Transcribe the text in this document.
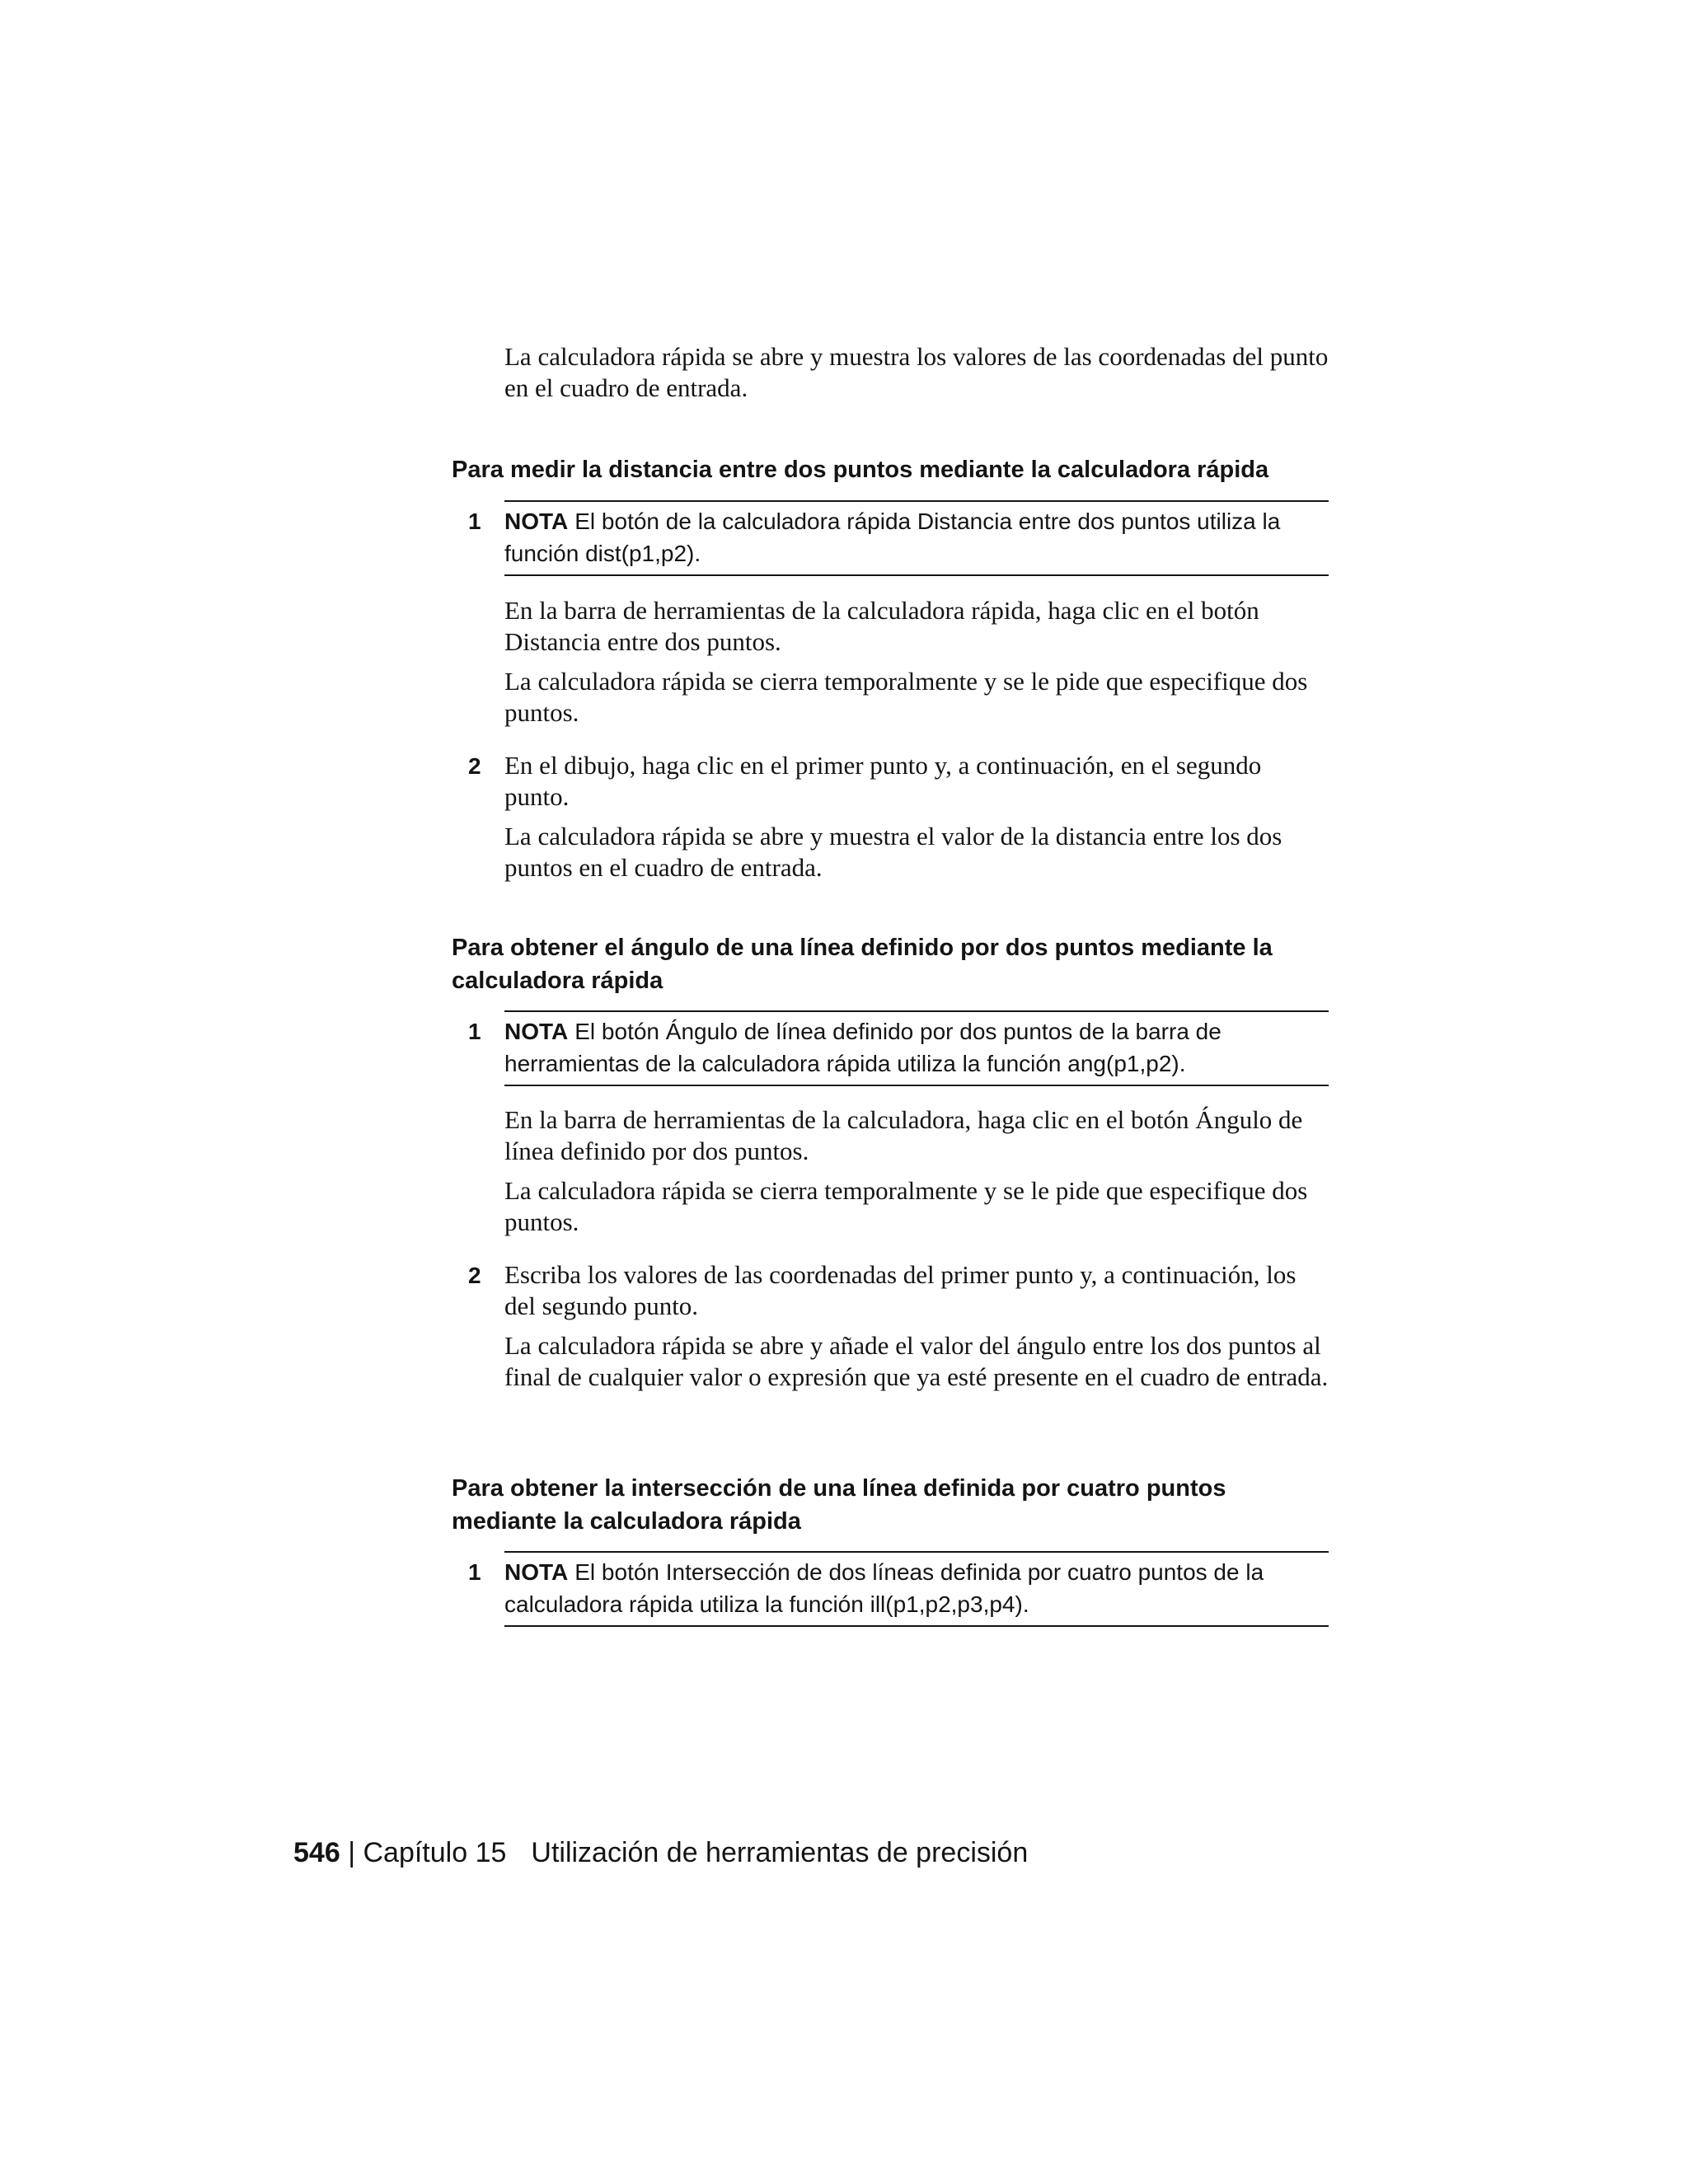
La calculadora rápida se abre y muestra los valores de las coordenadas del punto en el cuadro de entrada.

Para medir la distancia entre dos puntos mediante la calculadora rápida
1	NOTA El botón de la calculadora rápida Distancia entre dos puntos utiliza la función dist(p1,p2).

En la barra de herramientas de la calculadora rápida, haga clic en el botón Distancia entre dos puntos.

La calculadora rápida se cierra temporalmente y se le pide que especifique dos puntos.

2 En el dibujo, haga clic en el primer punto y, a continuación, en el segundo punto.

La calculadora rápida se abre y muestra el valor de la distancia entre los dos puntos en el cuadro de entrada.

Para obtener el ángulo de una línea definido por dos puntos mediante la calculadora rápida
1	NOTA El botón Ángulo de línea definido por dos puntos de la barra de herramientas de la calculadora rápida utiliza la función ang(p1,p2).

En la barra de herramientas de la calculadora, haga clic en el botón Ángulo de línea definido por dos puntos.

La calculadora rápida se cierra temporalmente y se le pide que especifique dos puntos.

2 Escriba los valores de las coordenadas del primer punto y, a continuación, los del segundo punto.

La calculadora rápida se abre y añade el valor del ángulo entre los dos puntos al final de cualquier valor o expresión que ya esté presente en el cuadro de entrada.

Para obtener la intersección de una línea definida por cuatro puntos mediante la calculadora rápida
1	NOTA El botón Intersección de dos líneas definida por cuatro puntos de la calculadora rápida utiliza la función ill(p1,p2,p3,p4).

546 | Capítulo 15 Utilización de herramientas de precisión
